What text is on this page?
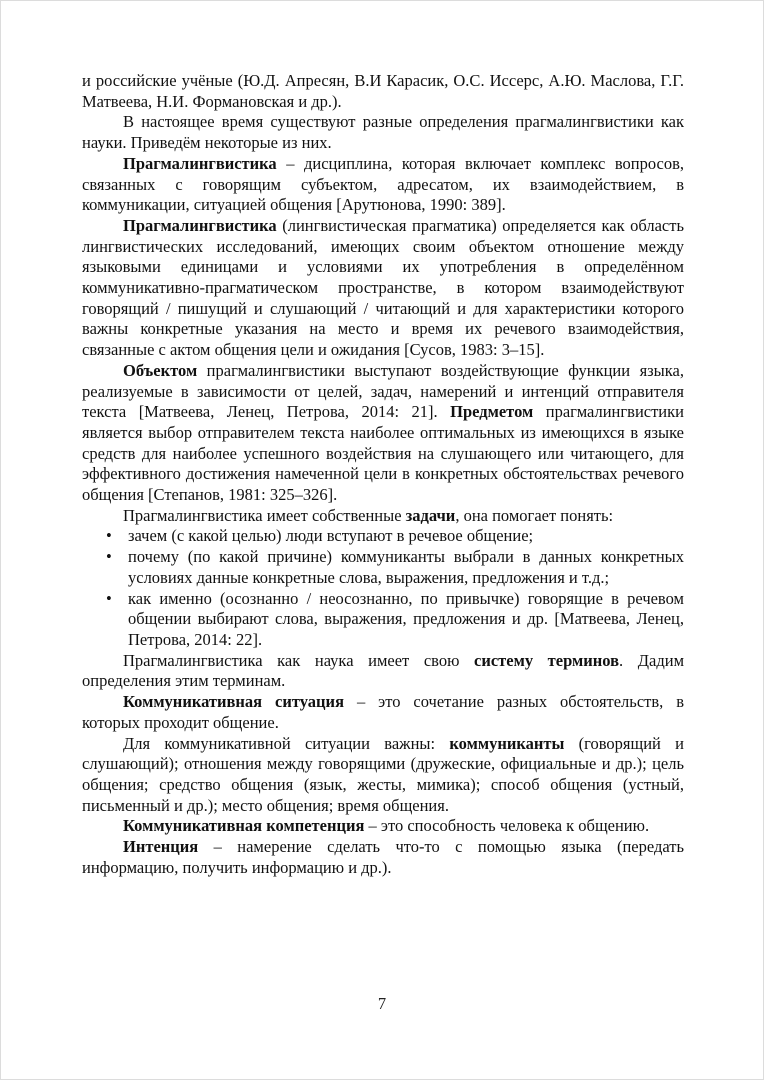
и российские учёные (Ю.Д. Апресян, В.И Карасик, О.С. Иссерс, А.Ю. Маслова, Г.Г. Матвеева, Н.И. Формановская и др.).

В настоящее время существуют разные определения прагмалингвистики как науки. Приведём некоторые из них.

Прагмалингвистика – дисциплина, которая включает комплекс вопросов, связанных с говорящим субъектом, адресатом, их взаимодействием, в коммуникации, ситуацией общения [Арутюнова, 1990: 389].

Прагмалингвистика (лингвистическая прагматика) определяется как область лингвистических исследований, имеющих своим объектом отношение между языковыми единицами и условиями их употребления в определённом коммуникативно-прагматическом пространстве, в котором взаимодействуют говорящий / пишущий и слушающий / читающий и для характеристики которого важны конкретные указания на место и время их речевого взаимодействия, связанные с актом общения цели и ожидания [Сусов, 1983: 3–15].

Объектом прагмалингвистики выступают воздействующие функции языка, реализуемые в зависимости от целей, задач, намерений и интенций отправителя текста [Матвеева, Ленец, Петрова, 2014: 21]. Предметом прагмалингвистики является выбор отправителем текста наиболее оптимальных из имеющихся в языке средств для наиболее успешного воздействия на слушающего или читающего, для эффективного достижения намеченной цели в конкретных обстоятельствах речевого общения [Степанов, 1981: 325–326].

Прагмалингвистика имеет собственные задачи, она помогает понять:

• зачем (с какой целью) люди вступают в речевое общение;
• почему (по какой причине) коммуниканты выбрали в данных конкретных условиях данные конкретные слова, выражения, предложения и т.д.;
• как именно (осознанно / неосознанно, по привычке) говорящие в речевом общении выбирают слова, выражения, предложения и др. [Матвеева, Ленец, Петрова, 2014: 22].

Прагмалингвистика как наука имеет свою систему терминов. Дадим определения этим терминам.

Коммуникативная ситуация – это сочетание разных обстоятельств, в которых проходит общение.

Для коммуникативной ситуации важны: коммуниканты (говорящий и слушающий); отношения между говорящими (дружеские, официальные и др.); цель общения; средство общения (язык, жесты, мимика); способ общения (устный, письменный и др.); место общения; время общения.

Коммуникативная компетенция – это способность человека к общению.

Интенция – намерение сделать что-то с помощью языка (передать информацию, получить информацию и др.).

7
